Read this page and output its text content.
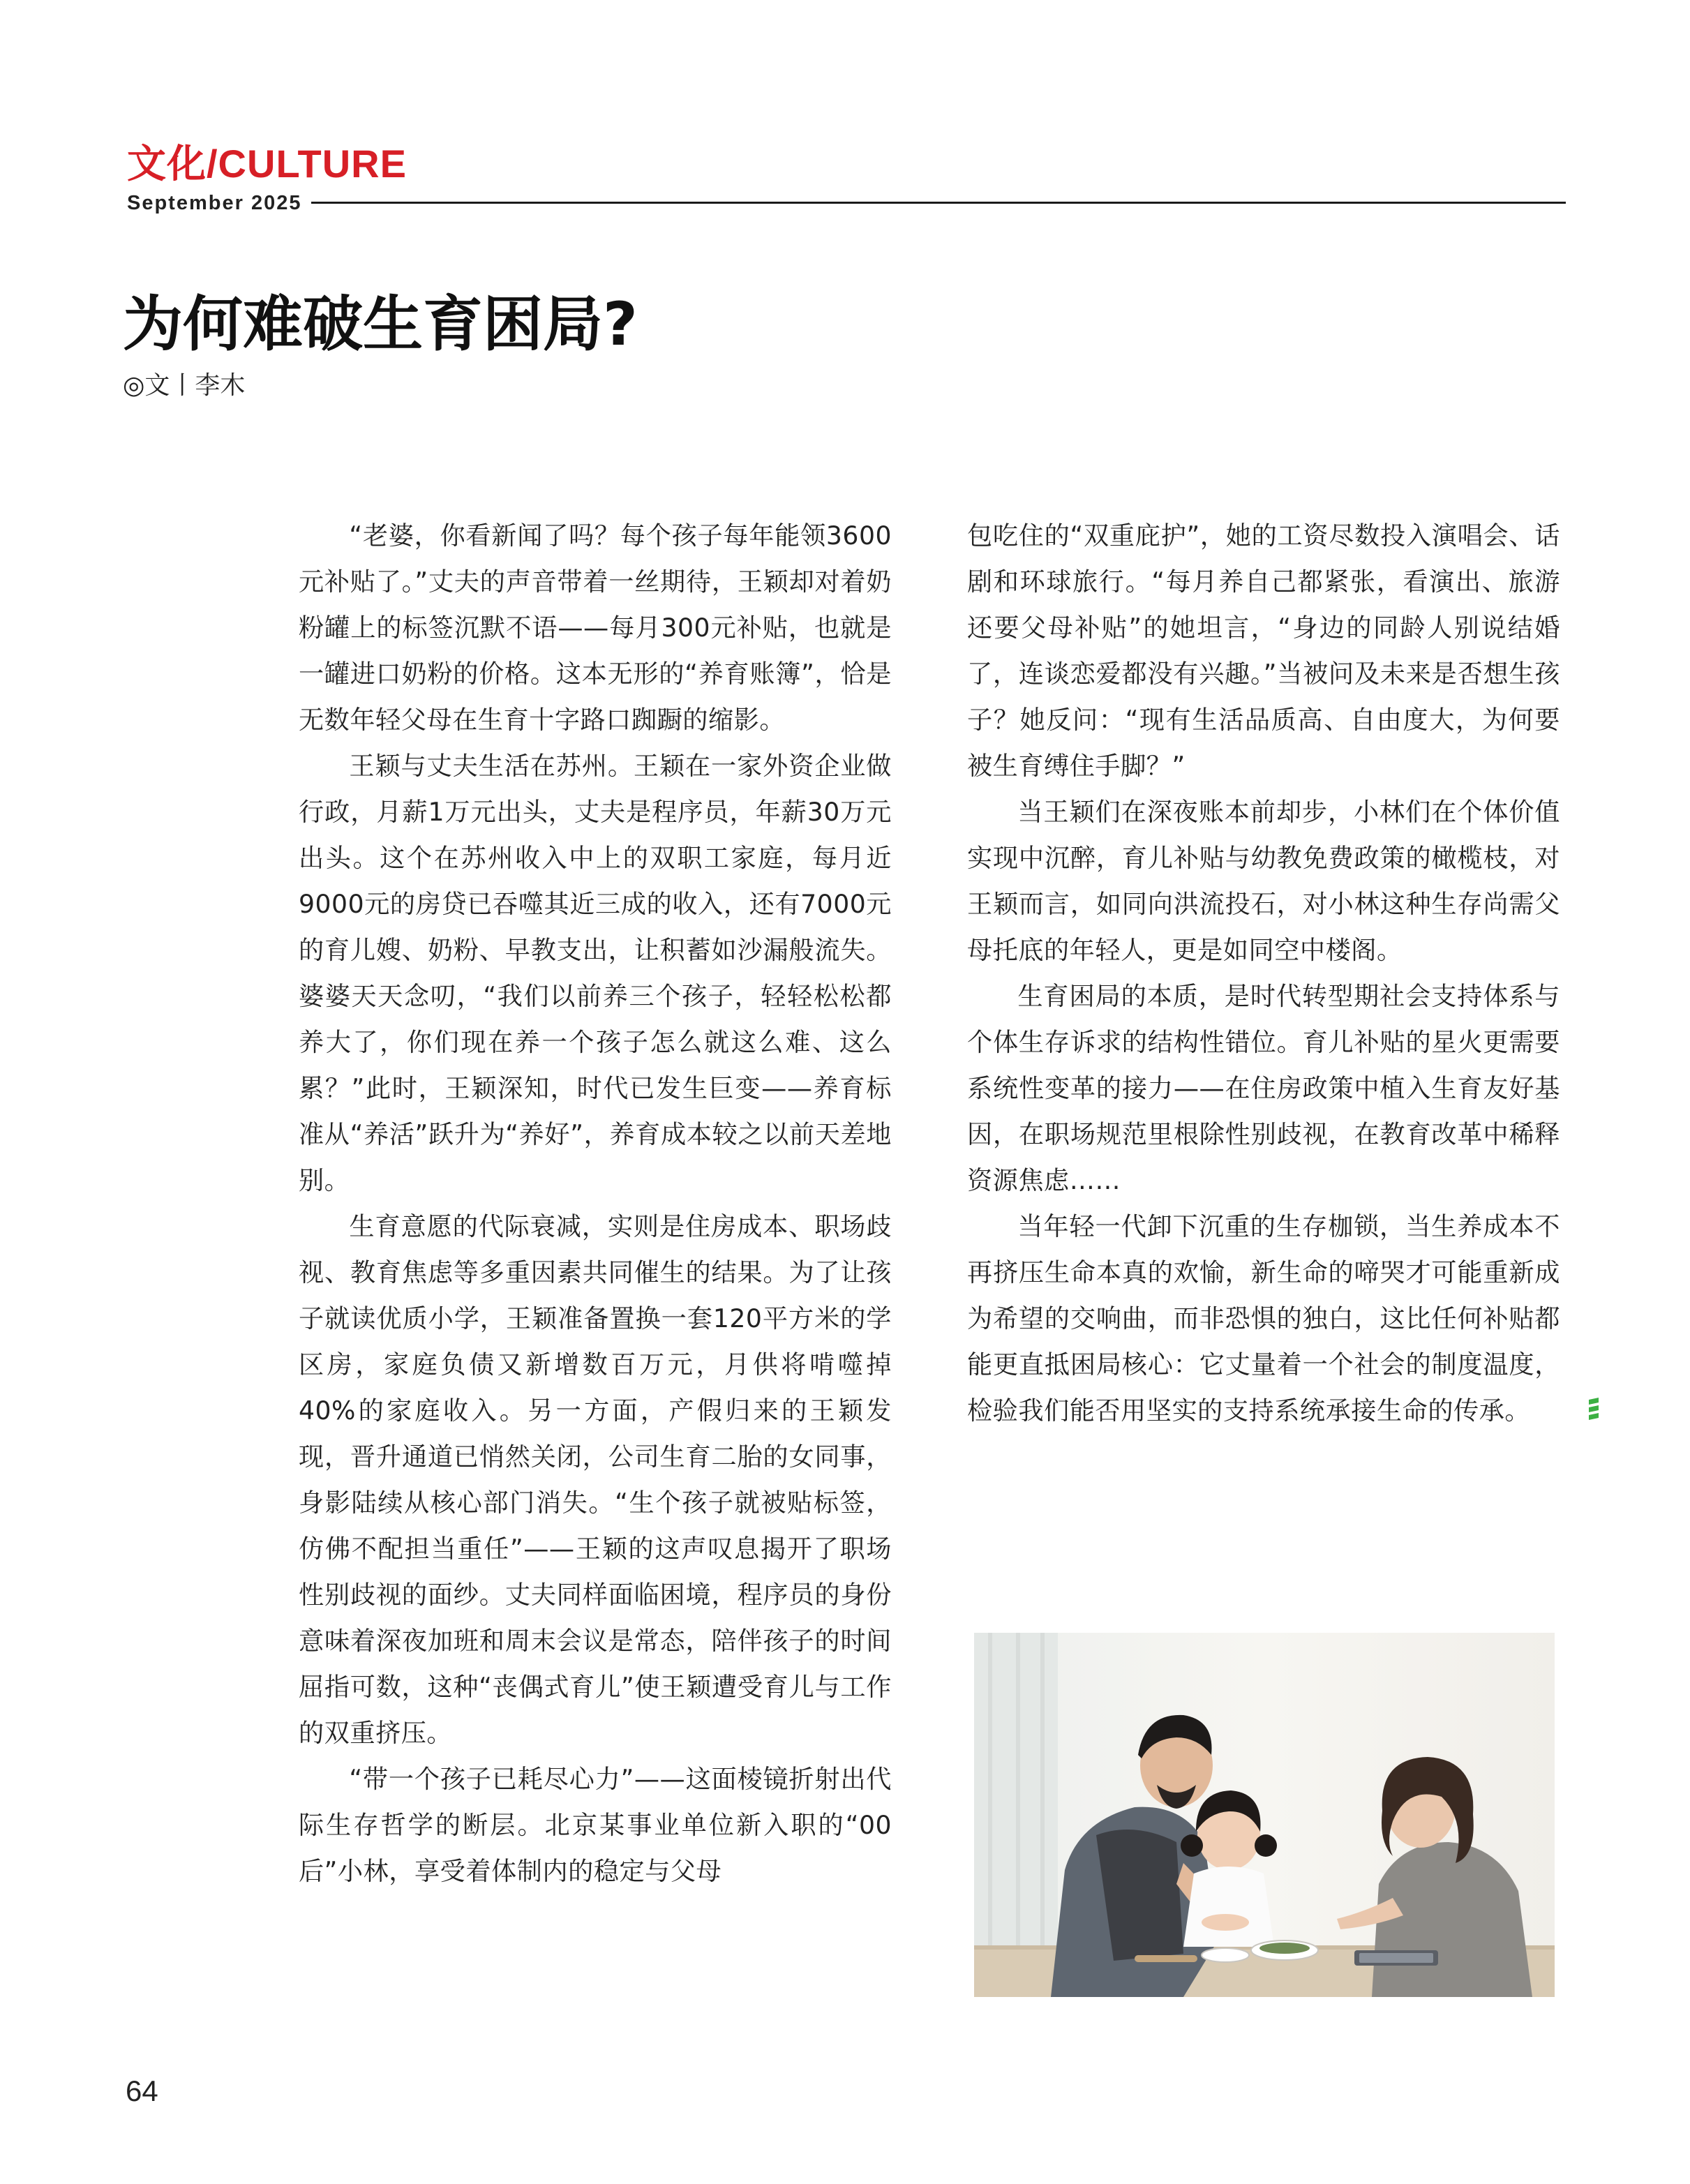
文化/CULTURE
September 2025
为何难破生育困局?
◎文丨李木

“老婆，你看新闻了吗？每个孩子每年能领3600元补贴了。”丈夫的声音带着一丝期待，王颖却对着奶粉罐上的标签沉默不语——每月300元补贴，也就是一罐进口奶粉的价格。这本无形的“养育账簿”，恰是无数年轻父母在生育十字路口踟蹰的缩影。

王颖与丈夫生活在苏州。王颖在一家外资企业做行政，月薪1万元出头，丈夫是程序员，年薪30万元出头。这个在苏州收入中上的双职工家庭，每月近9000元的房贷已吞噬其近三成的收入，还有7000元的育儿嫂、奶粉、早教支出，让积蓄如沙漏般流失。婆婆天天念叨，“我们以前养三个孩子，轻轻松松都养大了，你们现在养一个孩子怎么就这么难、这么累？”此时，王颖深知，时代已发生巨变——养育标准从“养活”跃升为“养好”，养育成本较之以前天差地别。

生育意愿的代际衰减，实则是住房成本、职场歧视、教育焦虑等多重因素共同催生的结果。为了让孩子就读优质小学，王颖准备置换一套120平方米的学区房，家庭负债又新增数百万元，月供将啃噬掉40%的家庭收入。另一方面，产假归来的王颖发现，晋升通道已悄然关闭，公司生育二胎的女同事，身影陆续从核心部门消失。“生个孩子就被贴标签，仿佛不配担当重任”——王颖的这声叹息揭开了职场性别歧视的面纱。丈夫同样面临困境，程序员的身份意味着深夜加班和周末会议是常态，陪伴孩子的时间屈指可数，这种“丧偶式育儿”使王颖遭受育儿与工作的双重挤压。

“带一个孩子已耗尽心力”——这面棱镜折射出代际生存哲学的断层。北京某事业单位新入职的“00后”小林，享受着体制内的稳定与父母

包吃住的“双重庇护”，她的工资尽数投入演唱会、话剧和环球旅行。“每月养自己都紧张，看演出、旅游还要父母补贴”的她坦言，“身边的同龄人别说结婚了，连谈恋爱都没有兴趣。”当被问及未来是否想生孩子？她反问：“现有生活品质高、自由度大，为何要被生育缚住手脚？”

当王颖们在深夜账本前却步，小林们在个体价值实现中沉醉，育儿补贴与幼教免费政策的橄榄枝，对王颖而言，如同向洪流投石，对小林这种生存尚需父母托底的年轻人，更是如同空中楼阁。

生育困局的本质，是时代转型期社会支持体系与个体生存诉求的结构性错位。育儿补贴的星火更需要系统性变革的接力——在住房政策中植入生育友好基因，在职场规范里根除性别歧视，在教育改革中稀释资源焦虑……

当年轻一代卸下沉重的生存枷锁，当生养成本不再挤压生命本真的欢愉，新生命的啼哭才可能重新成为希望的交响曲，而非恐惧的独白，这比任何补贴都能更直抵困局核心：它丈量着一个社会的制度温度，检验我们能否用坚实的支持系统承接生命的传承。

64
